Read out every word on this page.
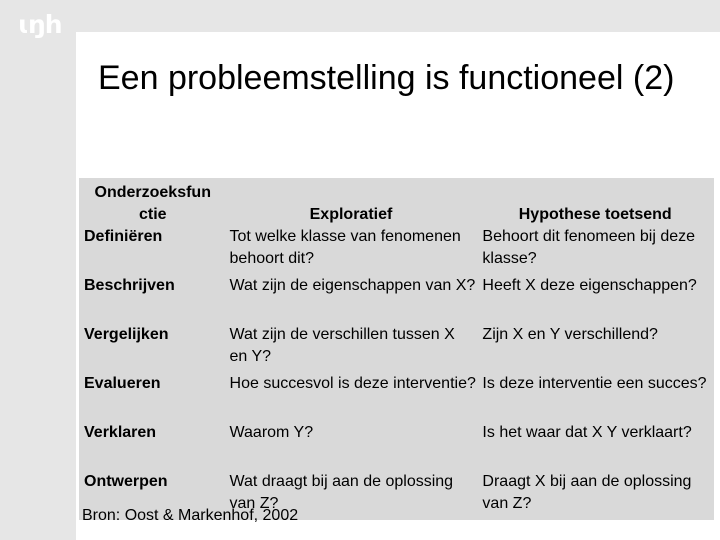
ɩŋh
Een probleemstelling is functioneel (2)
Onderzoeksfun ctie	Exploratief	Hypothese toetsend
Definiëren	Tot welke klasse van fenomenen behoort dit?	Behoort dit fenomeen bij deze klasse?
Beschrijven	Wat zijn de eigenschappen van X?	Heeft X deze eigenschappen?
Vergelijken	Wat zijn de verschillen tussen X en Y?	Zijn X en Y verschillend?
Evalueren	Hoe succesvol is deze interventie?	Is deze interventie een succes?
Verklaren	Waarom Y?	Is het waar dat X Y verklaart?
Ontwerpen	Wat draagt bij aan de oplossing van Z?	Draagt X bij aan de oplossing van Z?
Bron: Oost & Markenhof, 2002
